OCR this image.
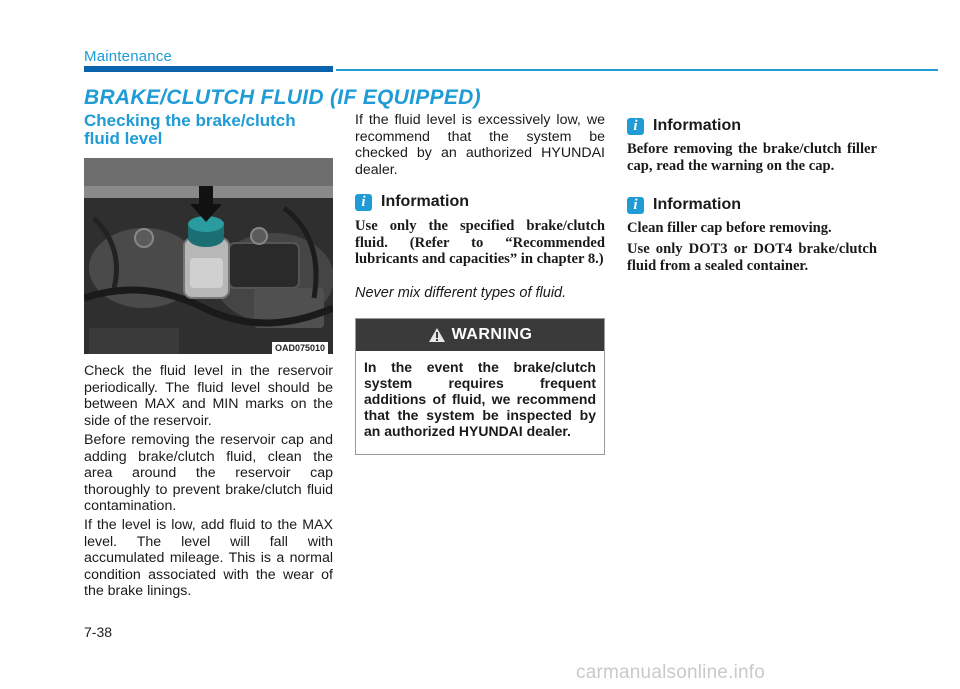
Maintenance
BRAKE/CLUTCH FLUID (IF EQUIPPED)
Checking the brake/clutch fluid level
OAD075010
Check the fluid level in the reservoir periodically. The fluid level should be between MAX and MIN marks on the side of the reservoir.
Before removing the reservoir cap and adding brake/clutch fluid, clean the area around the reservoir cap thoroughly to prevent brake/clutch fluid contamination.
If the level is low, add fluid to the MAX level. The level will fall with accumulated mileage. This is a normal condition associated with the wear of the brake linings.
If the fluid level is excessively low, we recommend that the system be checked by an authorized HYUNDAI dealer.
i Information
Use only the specified brake/clutch fluid. (Refer to “Recommended lubricants and capacities” in chapter 8.)
Never mix different types of fluid.
WARNING
In the event the brake/clutch system requires frequent additions of fluid, we recommend that the system be inspected by an authorized HYUNDAI dealer.
i Information
Before removing the brake/clutch filler cap, read the warning on the cap.
i Information
Clean filler cap before removing.
Use only DOT3 or DOT4 brake/clutch fluid from a sealed container.
7-38
carmanualsonline.info
